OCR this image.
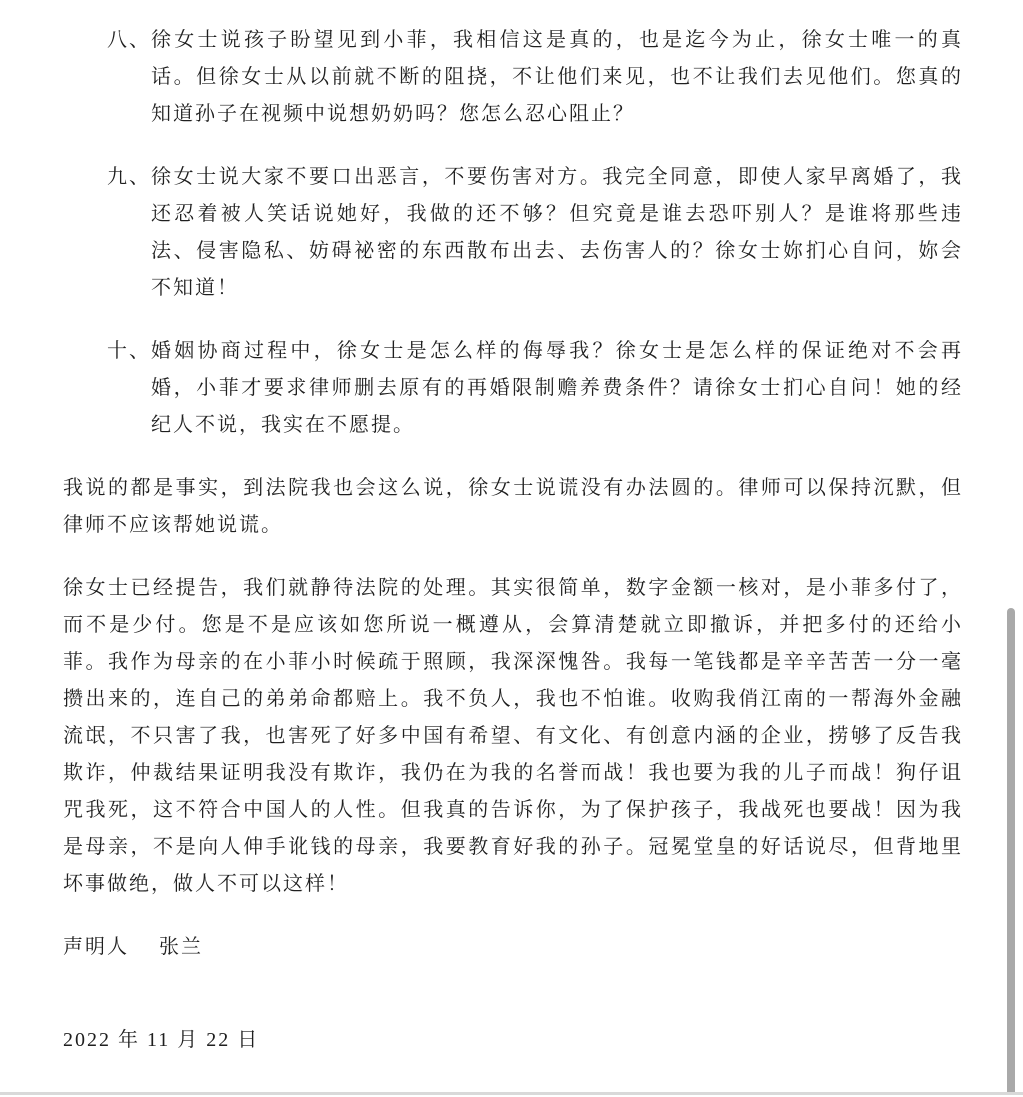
八、 徐女士说孩子盼望见到小菲，我相信这是真的，也是迄今为止，徐女士唯一的真话。但徐女士从以前就不断的阻挠，不让他们来见，也不让我们去见他们。您真的知道孙子在视频中说想奶奶吗？您怎么忍心阻止？
九、 徐女士说大家不要口出恶言，不要伤害对方。我完全同意，即使人家早离婚了，我还忍着被人笑话说她好，我做的还不够？但究竟是谁去恐吓别人？是谁将那些违法、侵害隐私、妨碍祕密的东西散布出去、去伤害人的？徐女士妳扪心自问，妳会不知道！
十、 婚姻协商过程中，徐女士是怎么样的侮辱我？徐女士是怎么样的保证绝对不会再婚，小菲才要求律师删去原有的再婚限制赡养费条件？请徐女士扪心自问！她的经纪人不说，我实在不愿提。

我说的都是事实，到法院我也会这么说，徐女士说谎没有办法圆的。律师可以保持沉默，但律师不应该帮她说谎。

徐女士已经提告，我们就静待法院的处理。其实很简单，数字金额一核对，是小菲多付了，而不是少付。您是不是应该如您所说一概遵从，会算清楚就立即撤诉，并把多付的还给小菲。我作为母亲的在小菲小时候疏于照顾，我深深愧咎。我每一笔钱都是辛辛苦苦一分一毫攒出来的，连自己的弟弟命都赔上。我不负人，我也不怕谁。收购我俏江南的一帮海外金融流氓，不只害了我，也害死了好多中国有希望、有文化、有创意内涵的企业，捞够了反告我欺诈，仲裁结果证明我没有欺诈，我仍在为我的名誉而战！我也要为我的儿子而战！狗仔诅咒我死，这不符合中国人的人性。但我真的告诉你，为了保护孩子，我战死也要战！因为我是母亲，不是向人伸手讹钱的母亲，我要教育好我的孙子。冠冕堂皇的好话说尽，但背地里坏事做绝，做人不可以这样！

声明人 张兰
2022 年 11 月 22 日
